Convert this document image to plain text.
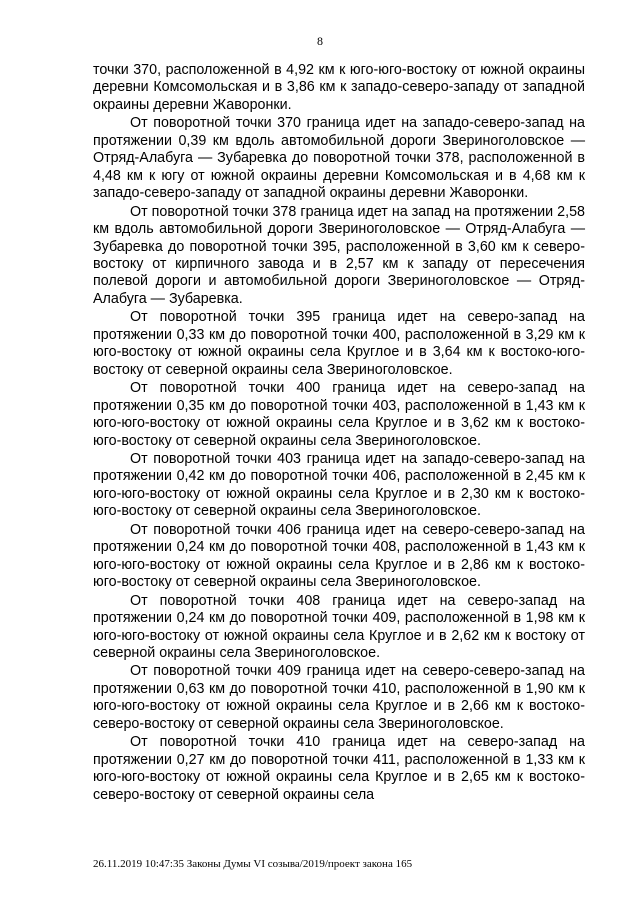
8

точки 370, расположенной в 4,92 км к юго-юго-востоку от южной окраины деревни Комсомольская и в 3,86 км к западо-северо-западу от западной окраины деревни Жаворонки.

От поворотной точки 370 граница идет на западо-северо-запад на протяжении 0,39 км вдоль автомобильной дороги Звериноголовское — Отряд-Алабуга — Зубаревка до поворотной точки 378, расположенной в 4,48 км к югу от южной окраины деревни Комсомольская и в 4,68 км к западо-северо-западу от западной окраины деревни Жаворонки.

От поворотной точки 378 граница идет на запад на протяжении 2,58 км вдоль автомобильной дороги Звериноголовское — Отряд-Алабуга — Зубаревка до поворотной точки 395, расположенной в 3,60 км к северо-востоку от кирпичного завода и в 2,57 км к западу от пересечения полевой дороги и автомобильной дороги Звериноголовское — Отряд-Алабуга — Зубаревка.

От поворотной точки 395 граница идет на северо-запад на протяжении 0,33 км до поворотной точки 400, расположенной в 3,29 км к юго-востоку от южной окраины села Круглое и в 3,64 км к востоко-юго-востоку от северной окраины села Звериноголовское.

От поворотной точки 400 граница идет на северо-запад на протяжении 0,35 км до поворотной точки 403, расположенной в 1,43 км к юго-юго-востоку от южной окраины села Круглое и в 3,62 км к востоко-юго-востоку от северной окраины села Звериноголовское.

От поворотной точки 403 граница идет на западо-северо-запад на протяжении 0,42 км до поворотной точки 406, расположенной в 2,45 км к юго-юго-востоку от южной окраины села Круглое и в 2,30 км к востоко-юго-востоку от северной окраины села Звериноголовское.

От поворотной точки 406 граница идет на северо-северо-запад на протяжении 0,24 км до поворотной точки 408, расположенной в 1,43 км к юго-юго-востоку от южной окраины села Круглое и в 2,86 км к востоко-юго-востоку от северной окраины села Звериноголовское.

От поворотной точки 408 граница идет на северо-запад на протяжении 0,24 км до поворотной точки 409, расположенной в 1,98 км к юго-юго-востоку от южной окраины села Круглое и в 2,62 км к востоку от северной окраины села Звериноголовское.

От поворотной точки 409 граница идет на северо-северо-запад на протяжении 0,63 км до поворотной точки 410, расположенной в 1,90 км к юго-юго-востоку от южной окраины села Круглое и в 2,66 км к востоко-северо-востоку от северной окраины села Звериноголовское.

От поворотной точки 410 граница идет на северо-запад на протяжении 0,27 км до поворотной точки 411, расположенной в 1,33 км к юго-юго-востоку от южной окраины села Круглое и в 2,65 км к востоко-северо-востоку от северной окраины села

26.11.2019 10:47:35 Законы Думы VI созыва/2019/проект закона 165
